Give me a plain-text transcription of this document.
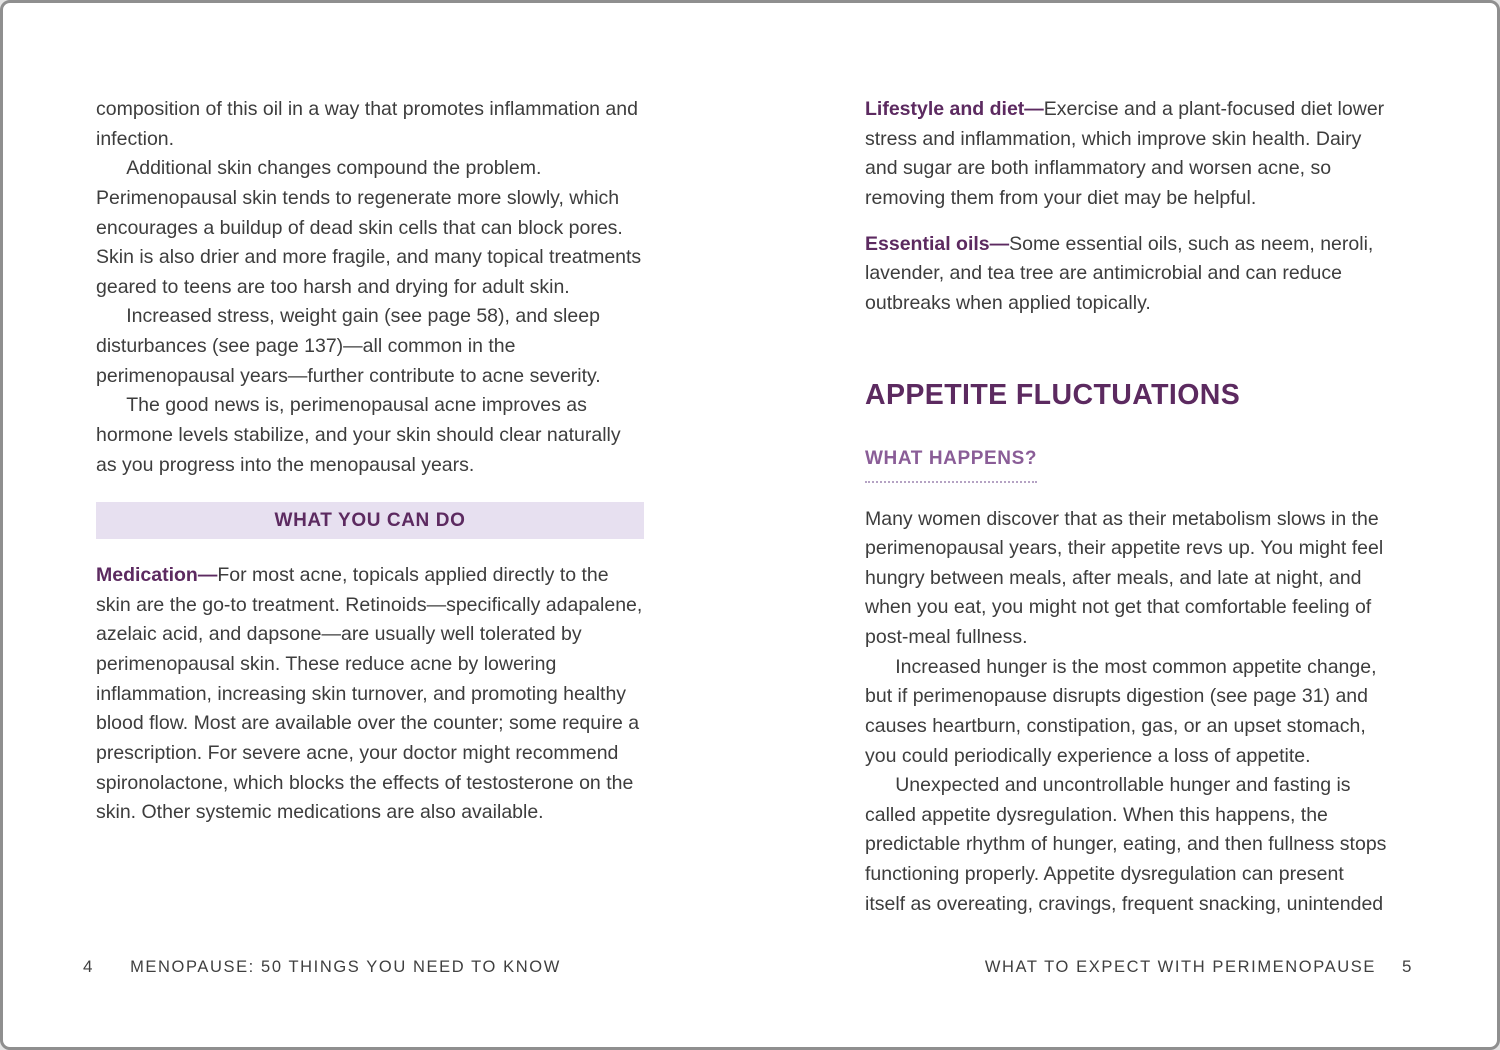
composition of this oil in a way that promotes inflammation and infection.

Additional skin changes compound the problem. Perimenopausal skin tends to regenerate more slowly, which encourages a buildup of dead skin cells that can block pores. Skin is also drier and more fragile, and many topical treatments geared to teens are too harsh and drying for adult skin.

Increased stress, weight gain (see page 58), and sleep disturbances (see page 137)—all common in the perimenopausal years—further contribute to acne severity.

The good news is, perimenopausal acne improves as hormone levels stabilize, and your skin should clear naturally as you progress into the menopausal years.

WHAT YOU CAN DO

Medication—For most acne, topicals applied directly to the skin are the go-to treatment. Retinoids—specifically adapalene, azelaic acid, and dapsone—are usually well tolerated by perimenopausal skin. These reduce acne by lowering inflammation, increasing skin turnover, and promoting healthy blood flow. Most are available over the counter; some require a prescription. For severe acne, your doctor might recommend spironolactone, which blocks the effects of testosterone on the skin. Other systemic medications are also available.

Lifestyle and diet—Exercise and a plant-focused diet lower stress and inflammation, which improve skin health. Dairy and sugar are both inflammatory and worsen acne, so removing them from your diet may be helpful.

Essential oils—Some essential oils, such as neem, neroli, lavender, and tea tree are antimicrobial and can reduce outbreaks when applied topically.

APPETITE FLUCTUATIONS
WHAT HAPPENS?

Many women discover that as their metabolism slows in the perimenopausal years, their appetite revs up. You might feel hungry between meals, after meals, and late at night, and when you eat, you might not get that comfortable feeling of post-meal fullness.

Increased hunger is the most common appetite change, but if perimenopause disrupts digestion (see page 31) and causes heartburn, constipation, gas, or an upset stomach, you could periodically experience a loss of appetite.

Unexpected and uncontrollable hunger and fasting is called appetite dysregulation. When this happens, the predictable rhythm of hunger, eating, and then fullness stops functioning properly. Appetite dysregulation can present itself as overeating, cravings, frequent snacking, unintended

4 MENOPAUSE: 50 THINGS YOU NEED TO KNOW	WHAT TO EXPECT WITH PERIMENOPAUSE 5
